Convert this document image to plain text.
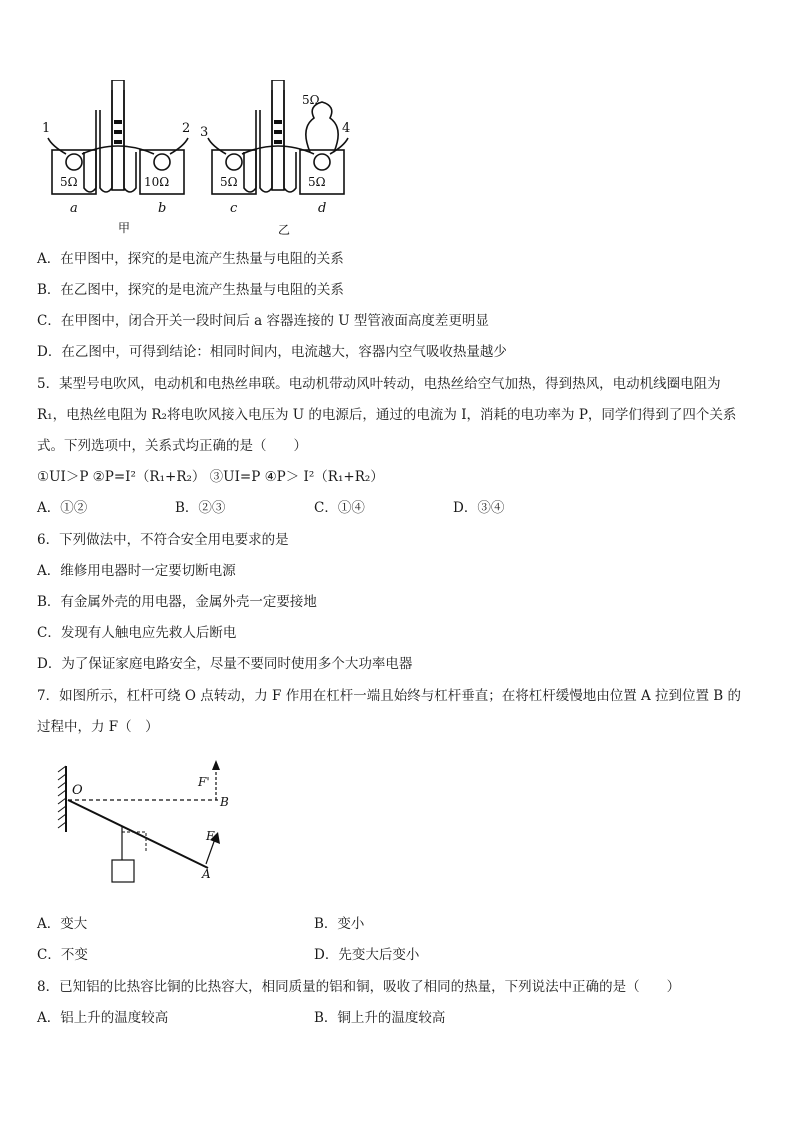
1	2 3	4
5Ω	10Ω	5Ω	5Ω
5Ω
a	b	c	d
甲	乙
A．在甲图中，探究的是电流产生热量与电阻的关系
B．在乙图中，探究的是电流产生热量与电阻的关系
C．在甲图中，闭合开关一段时间后 a 容器连接的 U 型管液面高度差更明显
D．在乙图中，可得到结论：相同时间内，电流越大，容器内空气吸收热量越少
5．某型号电吹风，电动机和电热丝串联。电动机带动风叶转动，电热丝给空气加热，得到热风，电动机线圈电阻为
R₁，电热丝电阻为 R₂将电吹风接入电压为 U 的电源后，通过的电流为 I，消耗的电功率为 P，同学们得到了四个关系
式。下列选项中，关系式均正确的是（　　）
①UI＞P ②P=I²（R₁+R₂） ③UI=P ④P＞ I²（R₁+R₂）
A．①②	B．②③	C．①④	D．③④
6．下列做法中，不符合安全用电要求的是
A．维修用电器时一定要切断电源
B．有金属外壳的用电器，金属外壳一定要接地
C．发现有人触电应先救人后断电
D．为了保证家庭电路安全，尽量不要同时使用多个大功率电器
7．如图所示，杠杆可绕 O 点转动，力 F 作用在杠杆一端且始终与杠杆垂直；在将杠杆缓慢地由位置 A 拉到位置 B 的
过程中，力 F（　）
O
F'
B
F
A
A．变大	B．变小
C．不变	D．先变大后变小
8．已知铝的比热容比铜的比热容大，相同质量的铝和铜，吸收了相同的热量，下列说法中正确的是（　　）
A．铝上升的温度较高	B．铜上升的温度较高
